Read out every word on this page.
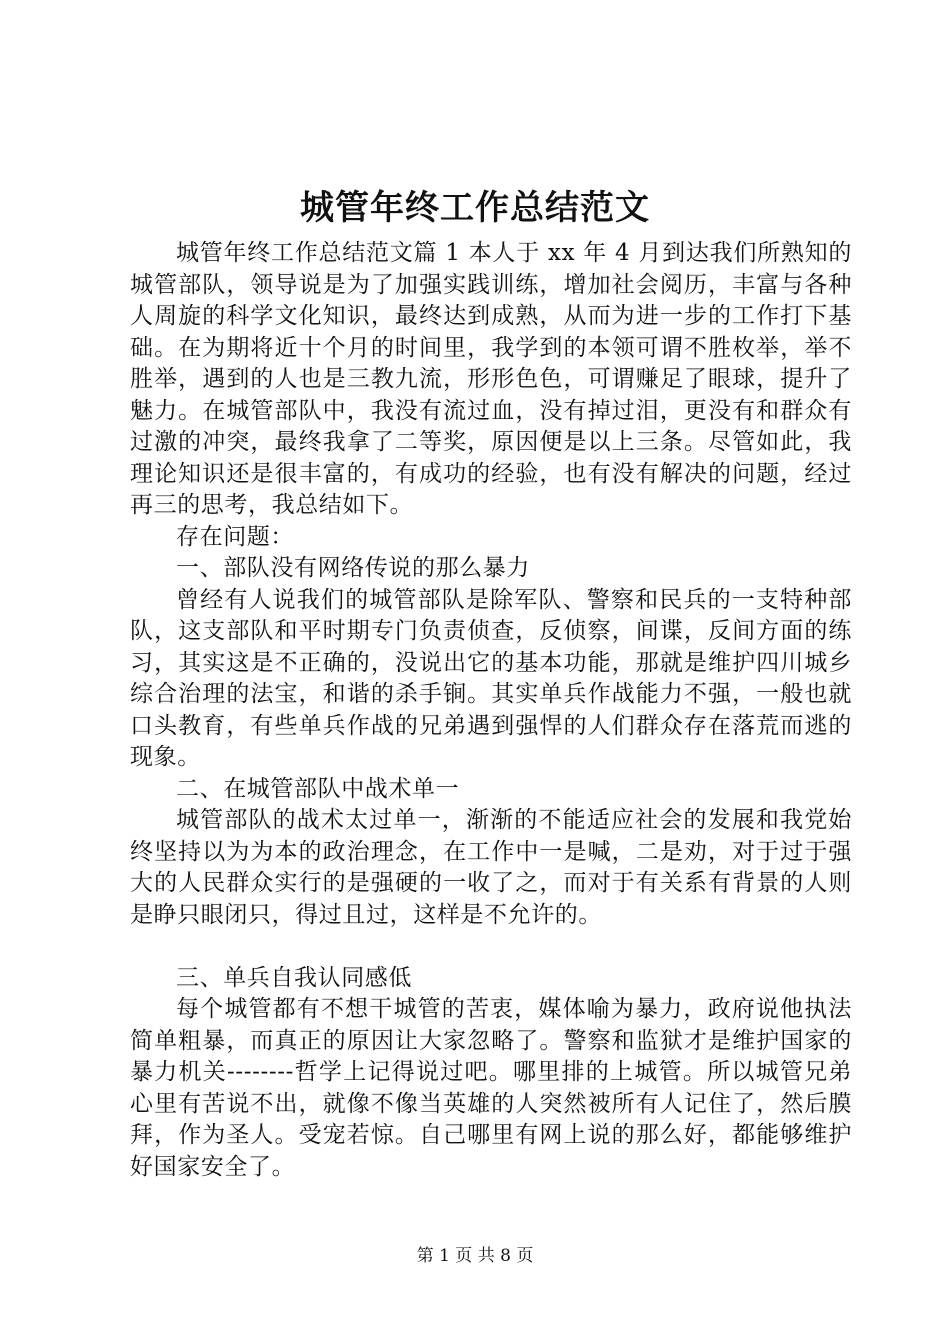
城管年终工作总结范文

城管年终工作总结范文篇 1 本人于 xx 年 4 月到达我们所熟知的城管部队，领导说是为了加强实践训练，增加社会阅历，丰富与各种人周旋的科学文化知识，最终达到成熟，从而为进一步的工作打下基础。在为期将近十个月的时间里，我学到的本领可谓不胜枚举，举不胜举，遇到的人也是三教九流，形形色色，可谓赚足了眼球，提升了魅力。在城管部队中，我没有流过血，没有掉过泪，更没有和群众有过激的冲突，最终我拿了二等奖，原因便是以上三条。尽管如此，我理论知识还是很丰富的，有成功的经验，也有没有解决的问题，经过再三的思考，我总结如下。

存在问题：

一、部队没有网络传说的那么暴力

曾经有人说我们的城管部队是除军队、警察和民兵的一支特种部队，这支部队和平时期专门负责侦查，反侦察，间谍，反间方面的练习，其实这是不正确的，没说出它的基本功能，那就是维护四川城乡综合治理的法宝，和谐的杀手锏。其实单兵作战能力不强，一般也就口头教育，有些单兵作战的兄弟遇到强悍的人们群众存在落荒而逃的现象。

二、在城管部队中战术单一

城管部队的战术太过单一，渐渐的不能适应社会的发展和我党始终坚持以为为本的政治理念，在工作中一是喊，二是劝，对于过于强大的人民群众实行的是强硬的一收了之，而对于有关系有背景的人则是睁只眼闭只，得过且过，这样是不允许的。

三、单兵自我认同感低

每个城管都有不想干城管的苦衷，媒体喻为暴力，政府说他执法简单粗暴，而真正的原因让大家忽略了。警察和监狱才是维护国家的暴力机关--------哲学上记得说过吧。哪里排的上城管。所以城管兄弟心里有苦说不出，就像不像当英雄的人突然被所有人记住了，然后膜拜，作为圣人。受宠若惊。自己哪里有网上说的那么好，都能够维护好国家安全了。

第 1 页 共 8 页
